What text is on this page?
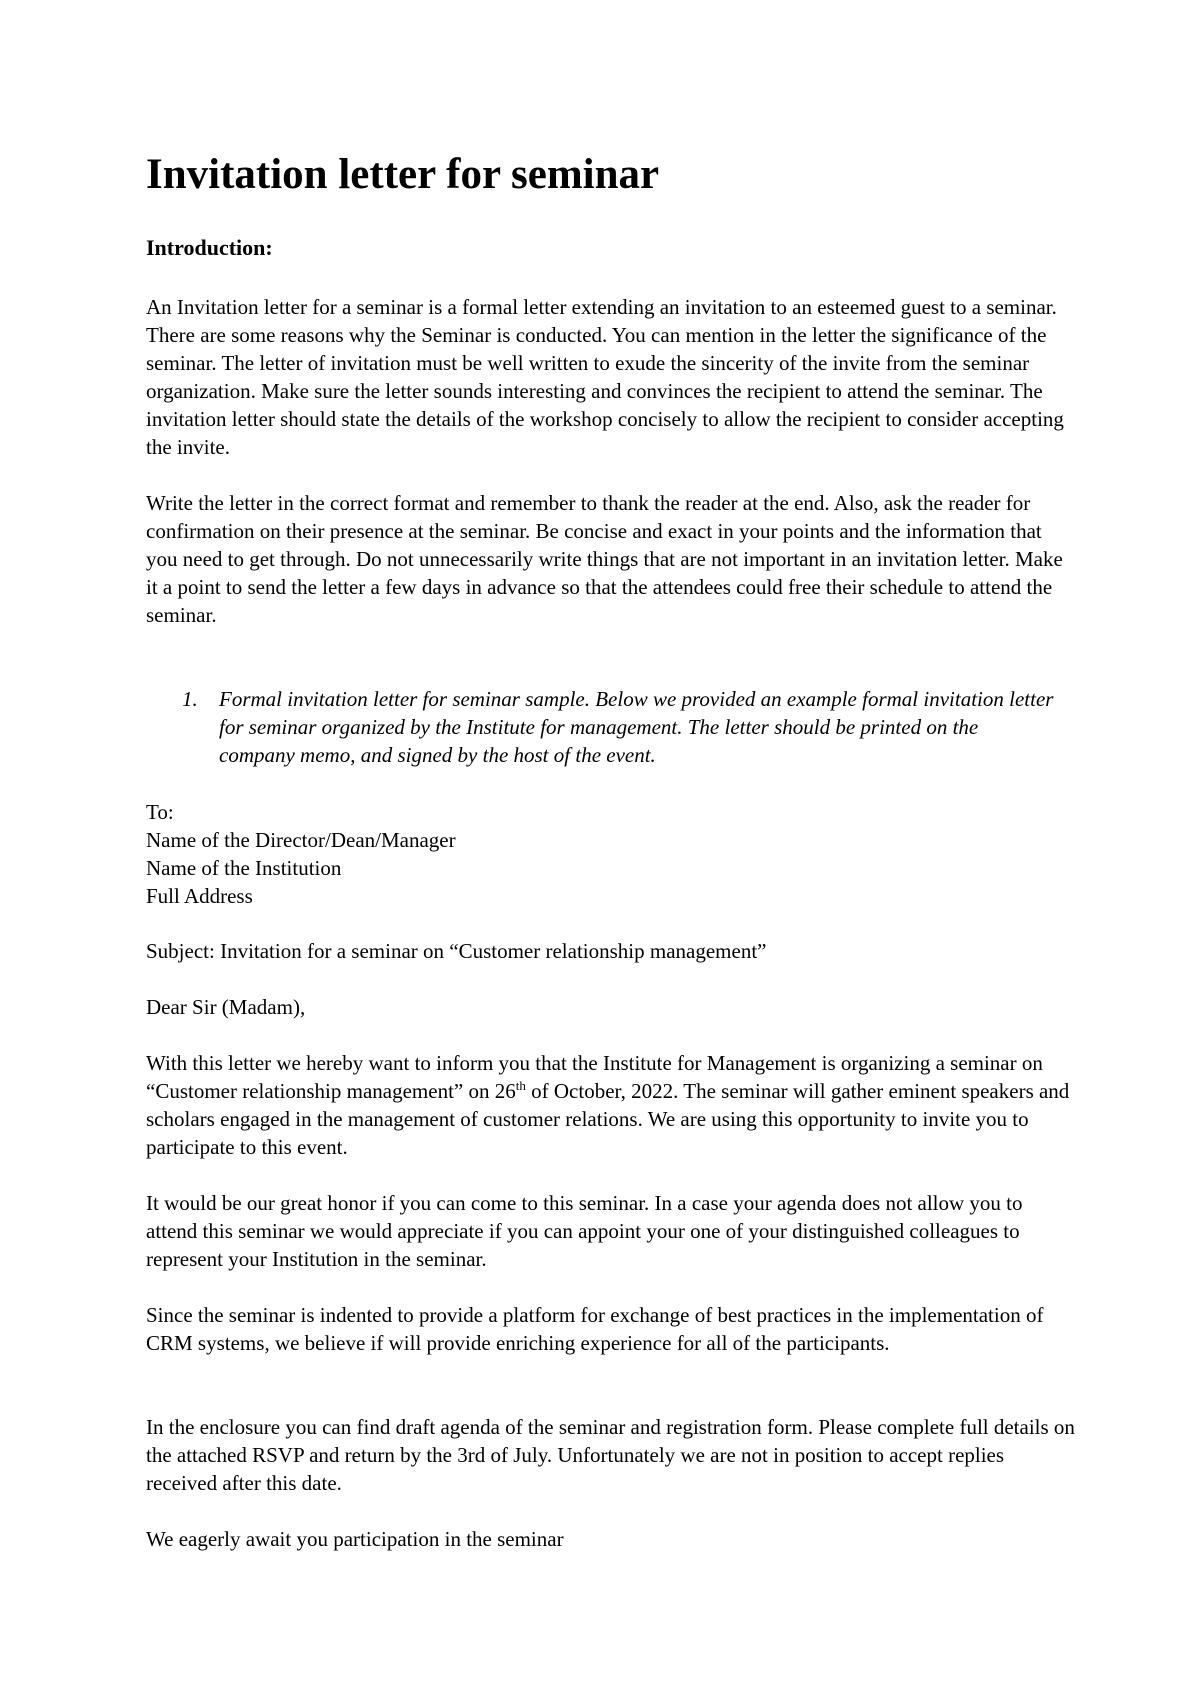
Invitation letter for seminar
Introduction:

An Invitation letter for a seminar is a formal letter extending an invitation to an esteemed guest to a seminar. There are some reasons why the Seminar is conducted. You can mention in the letter the significance of the seminar. The letter of invitation must be well written to exude the sincerity of the invite from the seminar organization. Make sure the letter sounds interesting and convinces the recipient to attend the seminar. The invitation letter should state the details of the workshop concisely to allow the recipient to consider accepting the invite.

Write the letter in the correct format and remember to thank the reader at the end. Also, ask the reader for confirmation on their presence at the seminar. Be concise and exact in your points and the information that you need to get through. Do not unnecessarily write things that are not important in an invitation letter. Make it a point to send the letter a few days in advance so that the attendees could free their schedule to attend the seminar.

1. Formal invitation letter for seminar sample. Below we provided an example formal invitation letter for seminar organized by the Institute for management. The letter should be printed on the company memo, and signed by the host of the event.

To:
Name of the Director/Dean/Manager
Name of the Institution
Full Address

Subject: Invitation for a seminar on “Customer relationship management”

Dear Sir (Madam),

With this letter we hereby want to inform you that the Institute for Management is organizing a seminar on “Customer relationship management” on 26th of October, 2022. The seminar will gather eminent speakers and scholars engaged in the management of customer relations. We are using this opportunity to invite you to participate to this event.

It would be our great honor if you can come to this seminar. In a case your agenda does not allow you to attend this seminar we would appreciate if you can appoint your one of your distinguished colleagues to represent your Institution in the seminar.

Since the seminar is indented to provide a platform for exchange of best practices in the implementation of CRM systems, we believe if will provide enriching experience for all of the participants.

In the enclosure you can find draft agenda of the seminar and registration form. Please complete full details on the attached RSVP and return by the 3rd of July. Unfortunately we are not in position to accept replies received after this date.

We eagerly await you participation in the seminar
